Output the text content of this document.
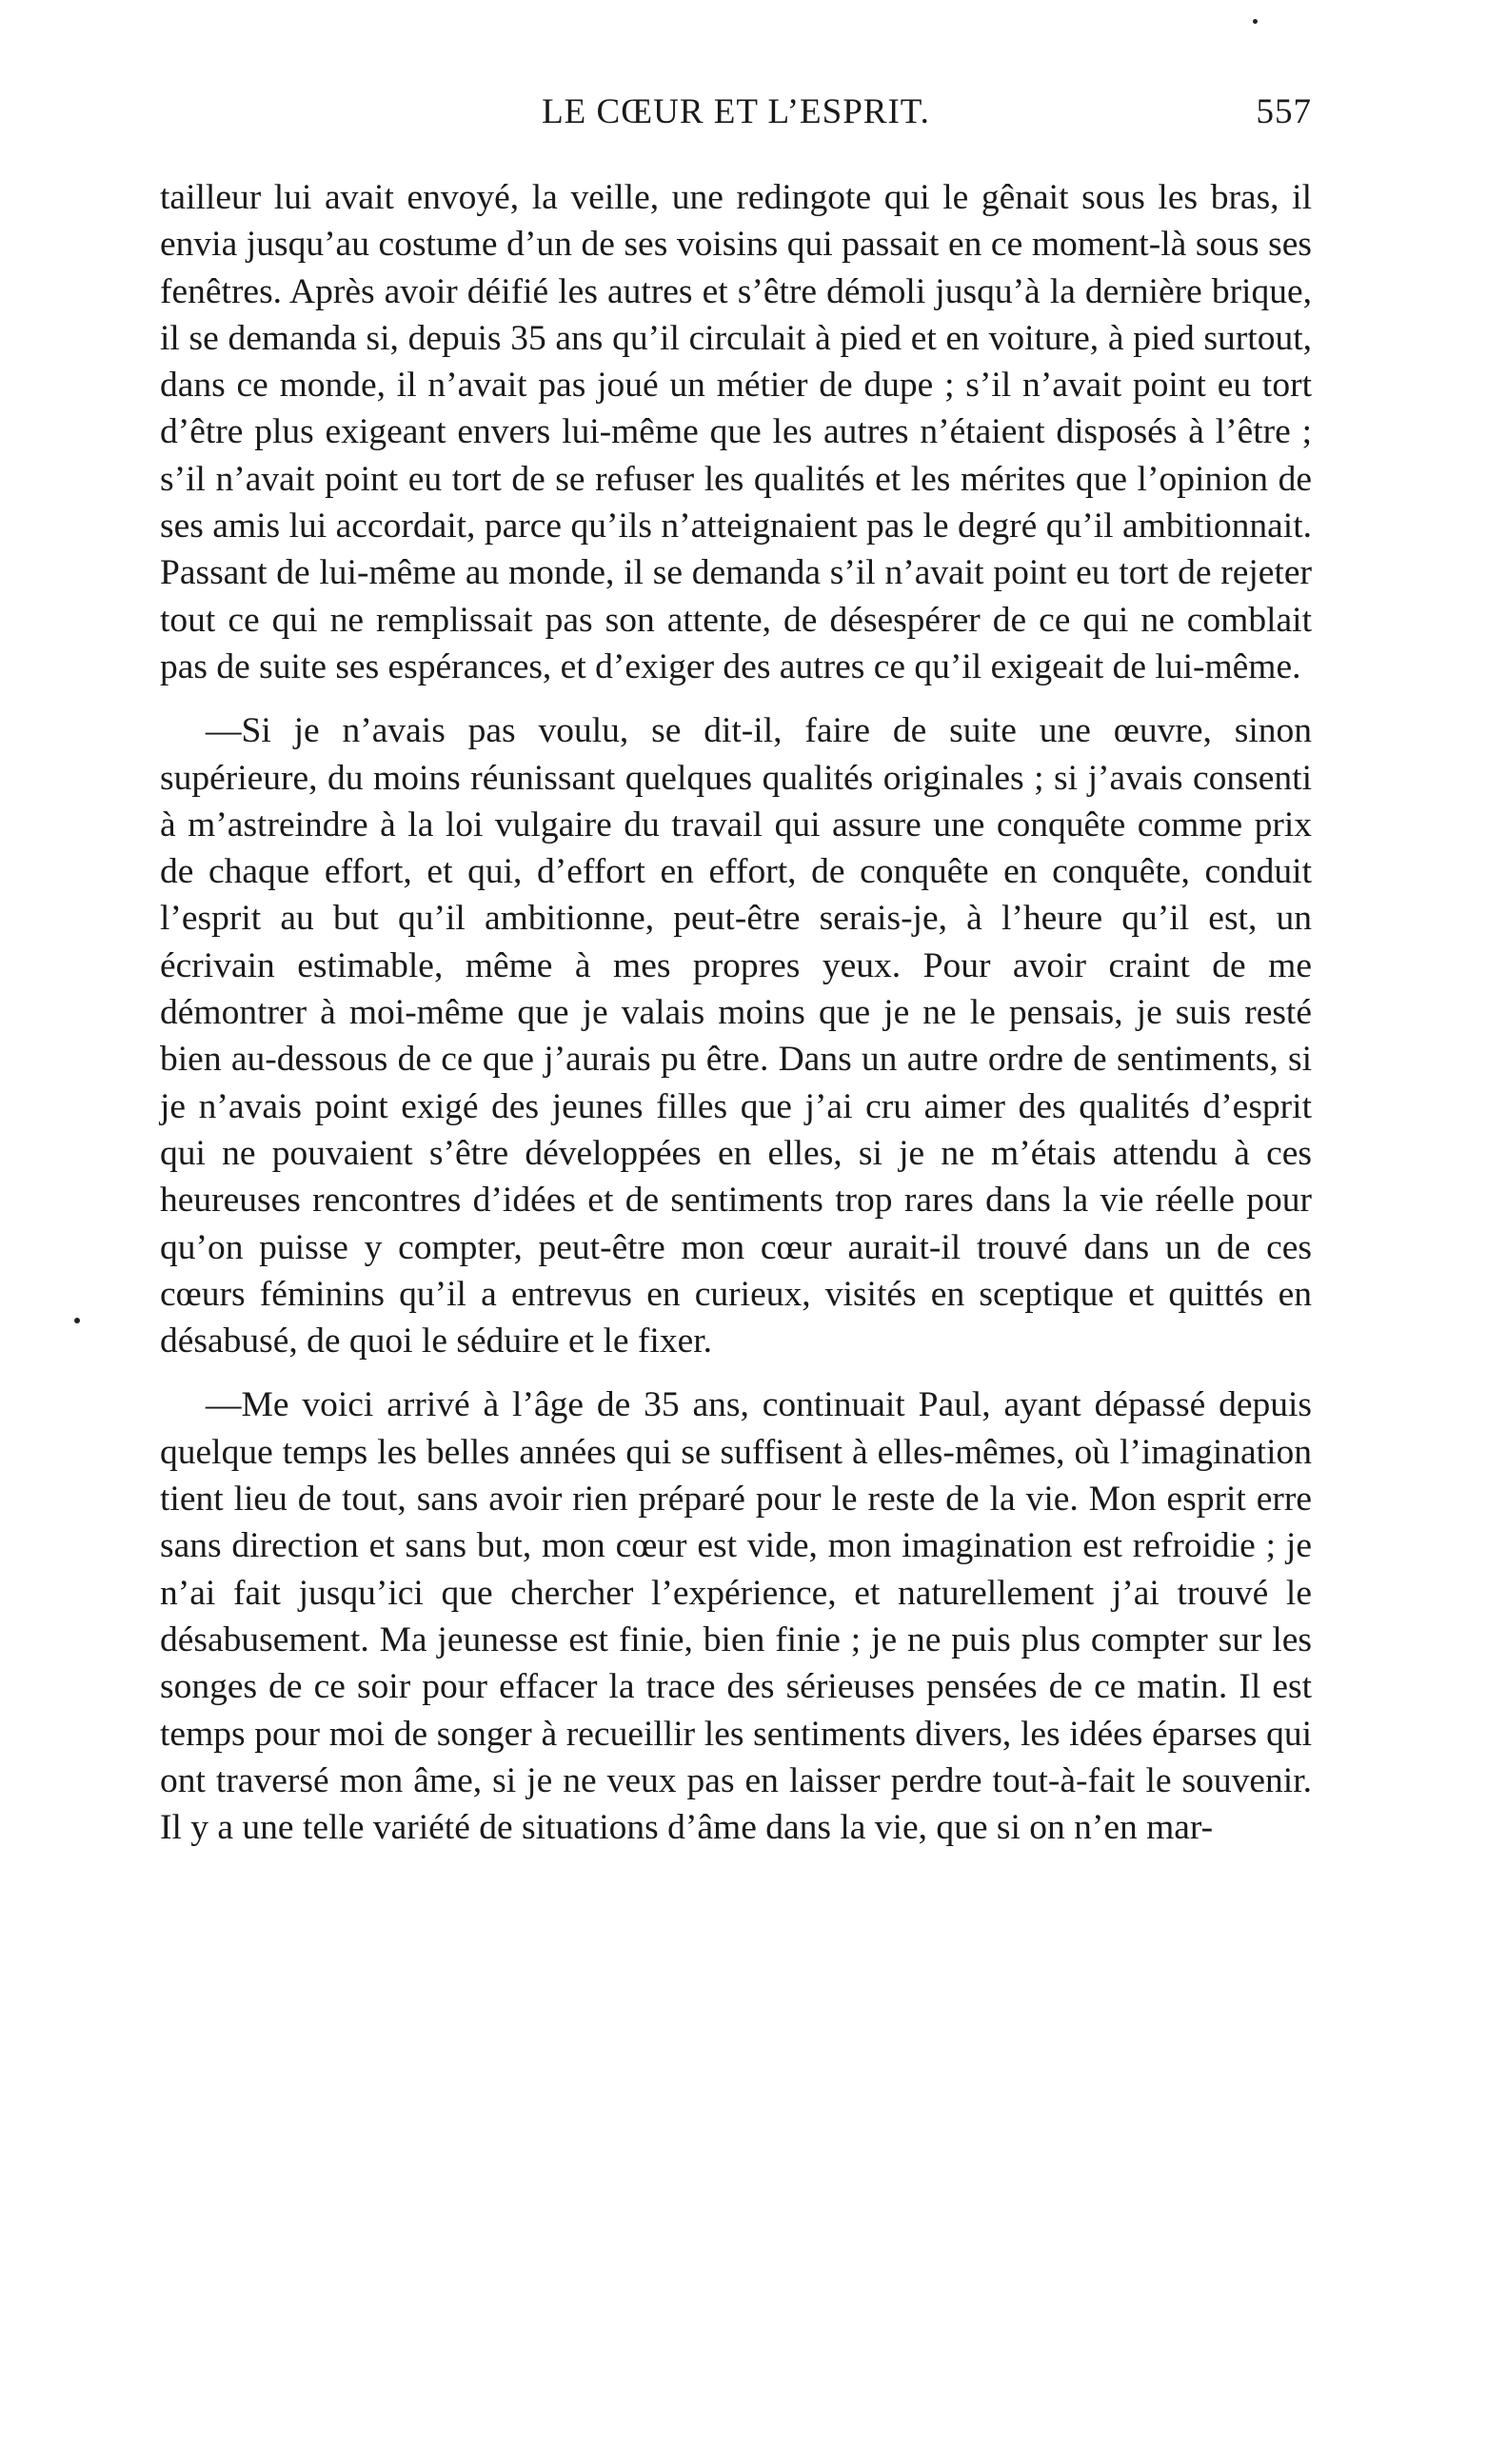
LE CŒUR ET L’ESPRIT.	557

tailleur lui avait envoyé, la veille, une redingote qui le gênait sous les bras, il envia jusqu’au costume d’un de ses voisins qui passait en ce moment-là sous ses fenêtres. Après avoir déifié les autres et s’être démoli jusqu’à la dernière brique, il se demanda si, depuis 35 ans qu’il circulait à pied et en voiture, à pied surtout, dans ce monde, il n’avait pas joué un métier de dupe ; s’il n’avait point eu tort d’être plus exigeant envers lui-même que les autres n’étaient disposés à l’être ; s’il n’avait point eu tort de se refuser les qualités et les mérites que l’opinion de ses amis lui accordait, parce qu’ils n’atteignaient pas le degré qu’il ambitionnait. Passant de lui-même au monde, il se demanda s’il n’avait point eu tort de rejeter tout ce qui ne remplissait pas son attente, de désespérer de ce qui ne comblait pas de suite ses espérances, et d’exiger des autres ce qu’il exigeait de lui-même.

—Si je n’avais pas voulu, se dit-il, faire de suite une œuvre, sinon supérieure, du moins réunissant quelques qualités originales ; si j’avais consenti à m’astreindre à la loi vulgaire du travail qui assure une conquête comme prix de chaque effort, et qui, d’effort en effort, de conquête en conquête, conduit l’esprit au but qu’il ambitionne, peut-être serais-je, à l’heure qu’il est, un écrivain estimable, même à mes propres yeux. Pour avoir craint de me démontrer à moi-même que je valais moins que je ne le pensais, je suis resté bien au-dessous de ce que j’aurais pu être. Dans un autre ordre de sentiments, si je n’avais point exigé des jeunes filles que j’ai cru aimer des qualités d’esprit qui ne pouvaient s’être développées en elles, si je ne m’étais attendu à ces heureuses rencontres d’idées et de sentiments trop rares dans la vie réelle pour qu’on puisse y compter, peut-être mon cœur aurait-il trouvé dans un de ces cœurs féminins qu’il a entrevus en curieux, visités en sceptique et quittés en désabusé, de quoi le séduire et le fixer.

—Me voici arrivé à l’âge de 35 ans, continuait Paul, ayant dépassé depuis quelque temps les belles années qui se suffisent à elles-mêmes, où l’imagination tient lieu de tout, sans avoir rien préparé pour le reste de la vie. Mon esprit erre sans direction et sans but, mon cœur est vide, mon imagination est refroidie ; je n’ai fait jusqu’ici que chercher l’expérience, et naturellement j’ai trouvé le désabusement. Ma jeunesse est finie, bien finie ; je ne puis plus compter sur les songes de ce soir pour effacer la trace des sérieuses pensées de ce matin. Il est temps pour moi de songer à recueillir les sentiments divers, les idées éparses qui ont traversé mon âme, si je ne veux pas en laisser perdre tout-à-fait le souvenir. Il y a une telle variété de situations d’âme dans la vie, que si on n’en mar-
